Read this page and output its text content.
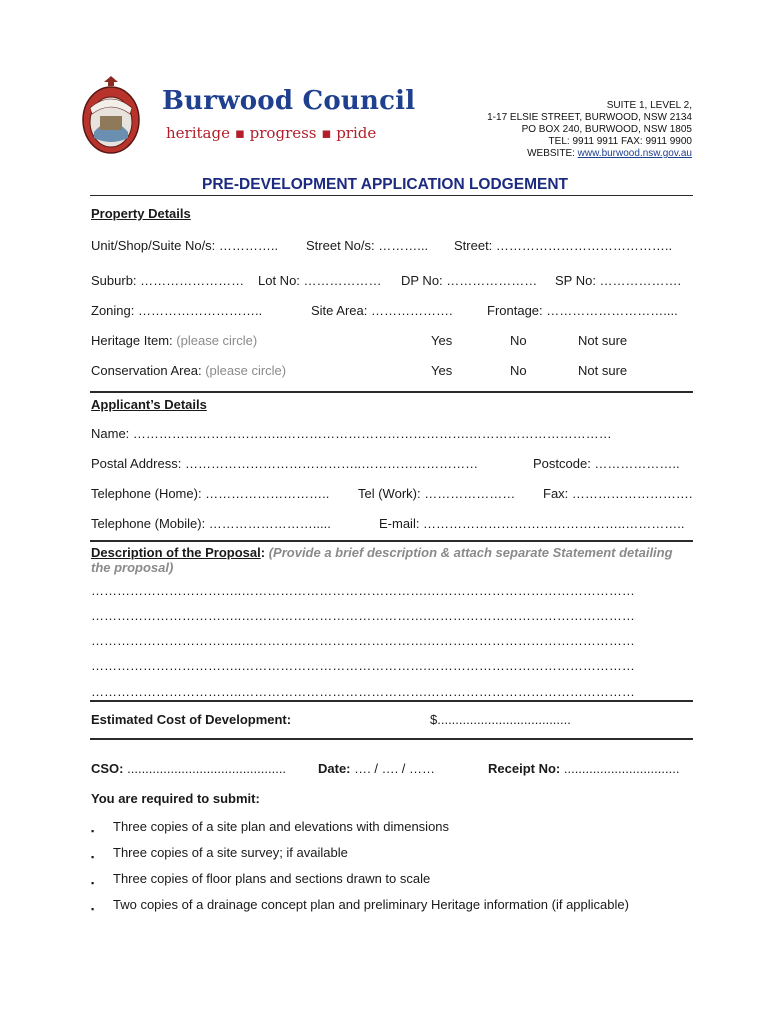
Burwood Council
heritage ▪ progress ▪ pride
SUITE 1, LEVEL 2,
1-17 ELSIE STREET, BURWOOD, NSW 2134
PO BOX 240, BURWOOD, NSW 1805
TEL: 9911 9911 FAX: 9911 9900
WEBSITE: www.burwood.nsw.gov.au
PRE-DEVELOPMENT APPLICATION LODGEMENT
Property Details
Unit/Shop/Suite No/s: ………….. Street No/s: ………... Street: …………………………………..
Suburb: …………………… Lot No: ……………… DP No: ………………… SP No: ……………….
Zoning: ………………………..	Site Area: ……………….	Frontage: ………………………....
Heritage Item: (please circle)	Yes	No	Not sure
Conservation Area: (please circle)	Yes	No	Not sure
Applicant’s Details
Name: ……………………………..…………………………………….……………………………
Postal Address: …………………………………..………………………	Postcode: ………………..
Telephone (Home): ……………………….. Tel (Work): ………………… Fax: ……………………….
Telephone (Mobile): …………………….....	E-mail: ………………………………………..…………..
Description of the Proposal: (Provide a brief description & attach separate Statement detailing
the proposal)
……………………………..…………………………………….…………………………………………
……………………………..…………………………………….…………………………………………
……………………………..…………………………………….…………………………………………
……………………………..…………………………………….…………………………………………
……………………………..…………………………………….…………………………………………
Estimated Cost of Development:	$.....................................
CSO: ............................................ Date: …. / …. / ……	Receipt No: ................................
You are required to submit:
▪ Three copies of a site plan and elevations with dimensions
▪ Three copies of a site survey; if available
▪ Three copies of floor plans and sections drawn to scale
▪ Two copies of a drainage concept plan and preliminary Heritage information (if applicable)
